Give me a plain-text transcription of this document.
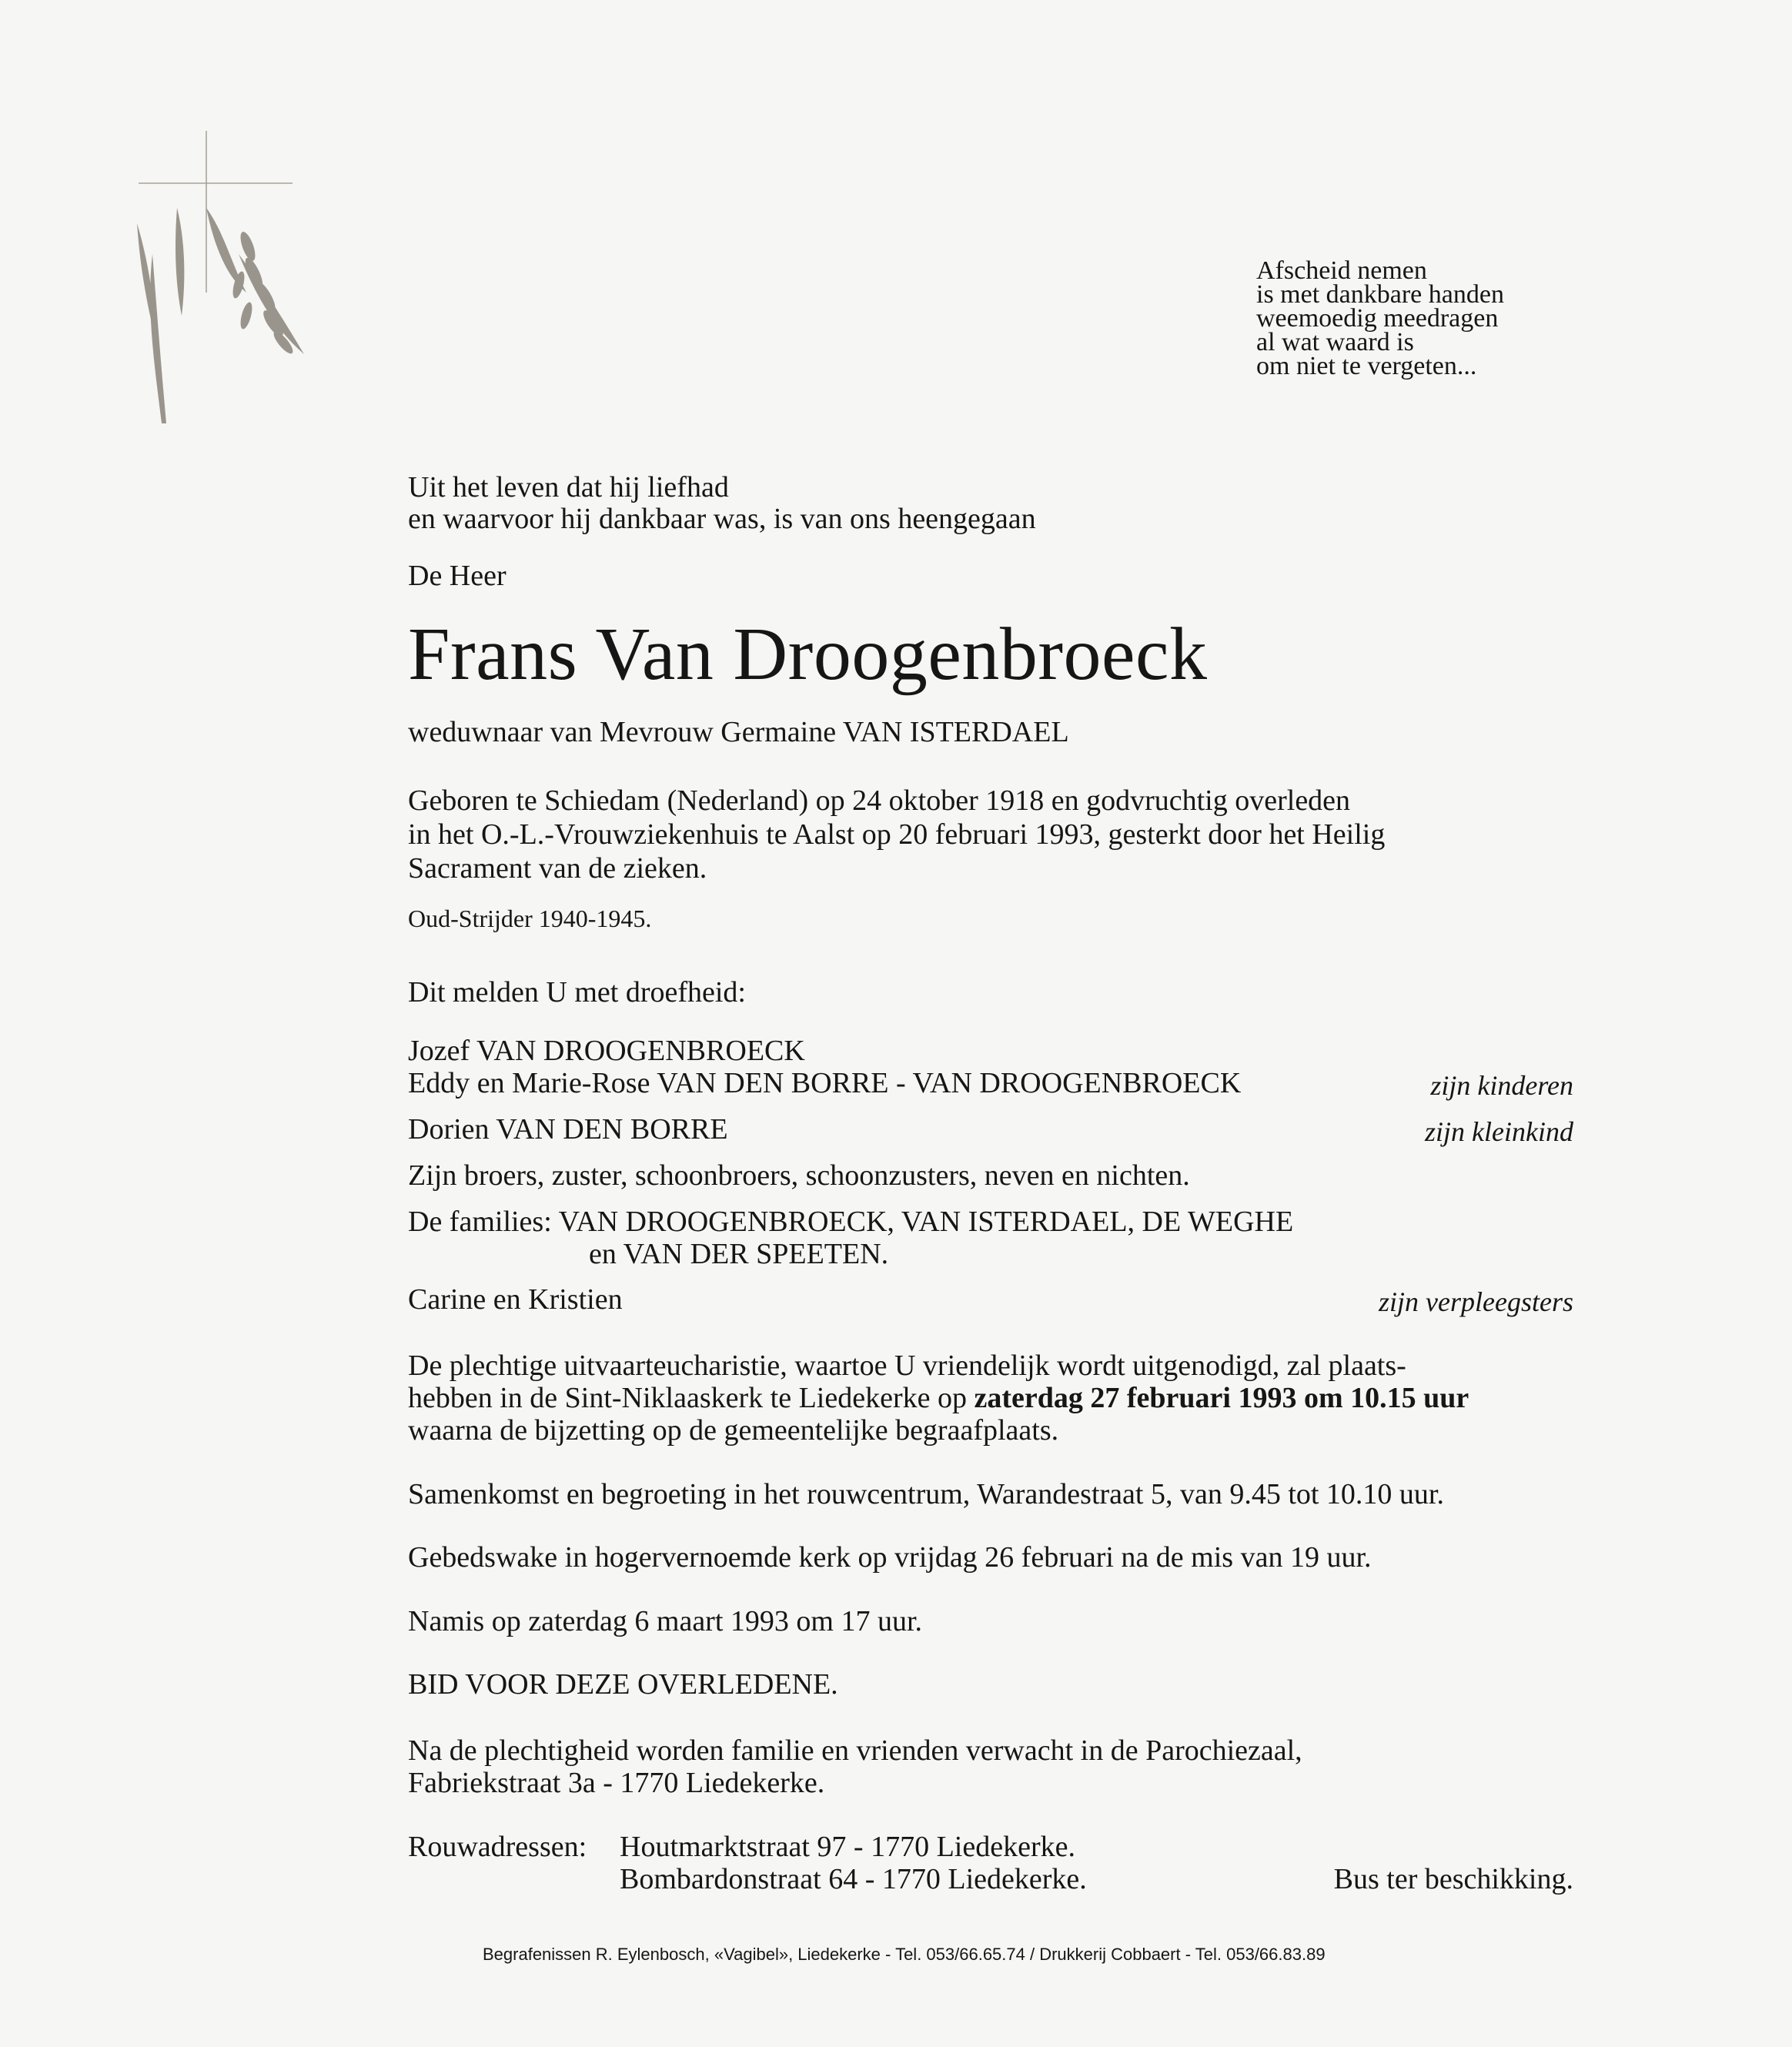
Afscheid nemen
is met dankbare handen
weemoedig meedragen
al wat waard is
om niet te vergeten...
Uit het leven dat hij liefhad
en waarvoor hij dankbaar was, is van ons heengegaan
De Heer
Frans Van Droogenbroeck
weduwnaar van Mevrouw Germaine VAN ISTERDAEL
Geboren te Schiedam (Nederland) op 24 oktober 1918 en godvruchtig overleden
in het O.-L.-Vrouwziekenhuis te Aalst op 20 februari 1993, gesterkt door het Heilig
Sacrament van de zieken.
Oud-Strijder 1940-1945.
Dit melden U met droefheid:
Jozef VAN DROOGENBROECK
Eddy en Marie-Rose VAN DEN BORRE - VAN DROOGENBROECK	zijn kinderen
Dorien VAN DEN BORRE	zijn kleinkind
Zijn broers, zuster, schoonbroers, schoonzusters, neven en nichten.
De families: VAN DROOGENBROECK, VAN ISTERDAEL, DE WEGHE
en VAN DER SPEETEN.
Carine en Kristien	zijn verpleegsters
De plechtige uitvaarteucharistie, waartoe U vriendelijk wordt uitgenodigd, zal plaats-
hebben in de Sint-Niklaaskerk te Liedekerke op zaterdag 27 februari 1993 om 10.15 uur
waarna de bijzetting op de gemeentelijke begraafplaats.
Samenkomst en begroeting in het rouwcentrum, Warandestraat 5, van 9.45 tot 10.10 uur.
Gebedswake in hogervernoemde kerk op vrijdag 26 februari na de mis van 19 uur.
Namis op zaterdag 6 maart 1993 om 17 uur.
BID VOOR DEZE OVERLEDENE.
Na de plechtigheid worden familie en vrienden verwacht in de Parochiezaal,
Fabriekstraat 3a - 1770 Liedekerke.
Rouwadressen: Houtmarktstraat 97 - 1770 Liedekerke.
Bombardonstraat 64 - 1770 Liedekerke.	Bus ter beschikking.
Begrafenissen R. Eylenbosch, «Vagibel», Liedekerke - Tel. 053/66.65.74 / Drukkerij Cobbaert - Tel. 053/66.83.89
